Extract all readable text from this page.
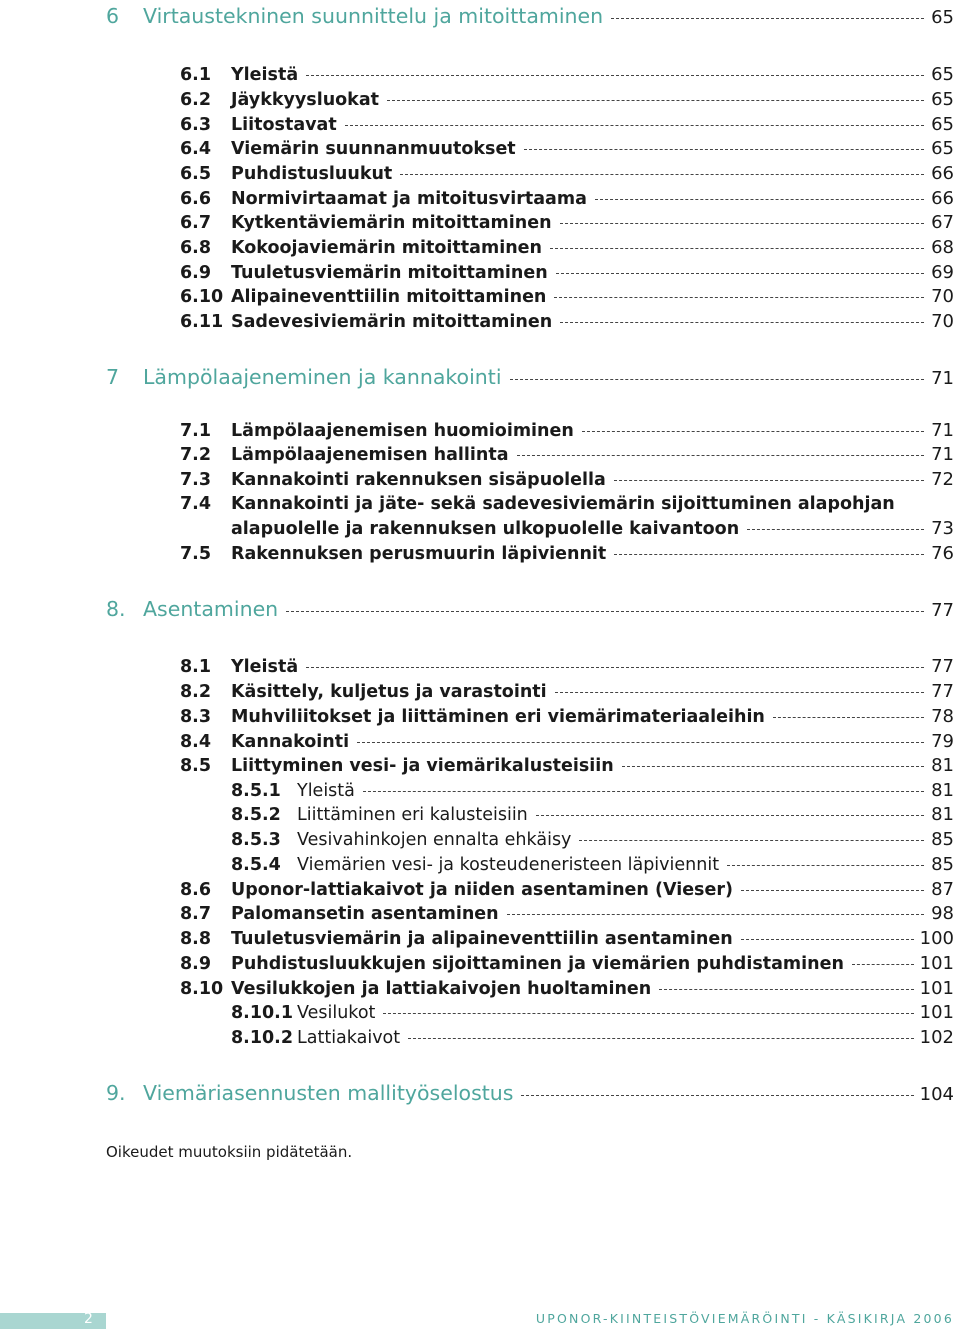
6	Virtaustekninen suunnittelu ja mitoittaminen	65
6.1	Yleistä	65
6.2	Jäykkyysluokat	65
6.3	Liitostavat	65
6.4	Viemärin suunnanmuutokset	65
6.5	Puhdistusluukut	66
6.6	Normivirtaamat ja mitoitusvirtaama	66
6.7	Kytkentäviemärin mitoittaminen	67
6.8	Kokoojaviemärin mitoittaminen	68
6.9	Tuuletusviemärin mitoittaminen	69
6.10 Alipaineventtiilin mitoittaminen	70
6.11 Sadevesiviemärin mitoittaminen	70
7	Lämpölaajeneminen ja kannakointi	71
7.1	Lämpölaajenemisen huomioiminen	71
7.2	Lämpölaajenemisen hallinta	71
7.3	Kannakointi rakennuksen sisäpuolella	72
7.4	Kannakointi ja jäte- sekä sadevesiviemärin sijoittuminen alapohjan
alapuolelle ja rakennuksen ulkopuolelle kaivantoon	73
7.5	Rakennuksen perusmuurin läpiviennit	76
8. Asentaminen	77
8.1	Yleistä	77
8.2	Käsittely, kuljetus ja varastointi	77
8.3	Muhviliitokset ja liittäminen eri viemärimateriaaleihin	78
8.4	Kannakointi	79
8.5	Liittyminen vesi- ja viemärikalusteisiin	81
8.5.1 Yleistä	81
8.5.2 Liittäminen eri kalusteisiin	81
8.5.3 Vesivahinkojen ennalta ehkäisy	85
8.5.4 Viemärien vesi- ja kosteudeneristeen läpiviennit	85
8.6	Uponor-lattiakaivot ja niiden asentaminen (Vieser)	87
8.7	Palomansetin asentaminen	98
8.8	Tuuletusviemärin ja alipaineventtiilin asentaminen	100
8.9	Puhdistusluukkujen sijoittaminen ja viemärien puhdistaminen	101
8.10 Vesilukkojen ja lattiakaivojen huoltaminen	101
8.10.1 Vesilukot	101
8.10.2 Lattiakaivot	102
9. Viemäriasennusten mallityöselostus	104
Oikeudet muutoksiin pidätetään.
2	UPONOR-KIINTEISTÖVIEMÄRÖINTI - KÄSIKIRJA 2006
